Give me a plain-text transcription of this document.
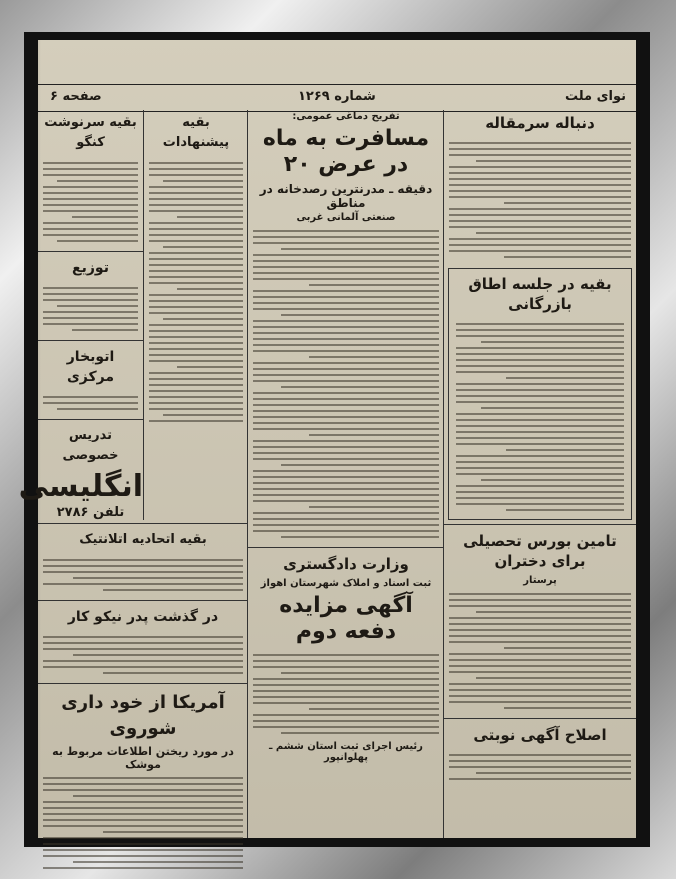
نوای ملت
شماره ۱۲۶۹
صفحه ۶
دنباله سرمقاله
بقیه در جلسه اطاق بازرگانی
تامین بورس تحصیلی برای دختران
پرستار
اصلاح آگهی نوبتی
تفریح دماغی عمومی:
مسافرت به ماه در عرض ۲۰
دقیقه ـ مدرنترین رصدخانه در مناطق
صنعتی آلمانی غربی
وزارت دادگستری
ثبت اسناد و املاک شهرستان اهواز
آگهی مزایده دفعه دوم
رئیس اجرای ثبت استان ششم ـ پهلوانپور
بقیه پیشنهادات
بقیه سرنوشت کنگو
توزیع
اتوبخار مرکزی
تدریس خصوصی
انگلیسی
تلفن ۲۷۸۶
بقیه اتحادیه اتلانتیک
در گذشت پدر نیکو کار
آمریکا از خود داری شوروی
در مورد ریختن اطلاعات مربوط به موشک
